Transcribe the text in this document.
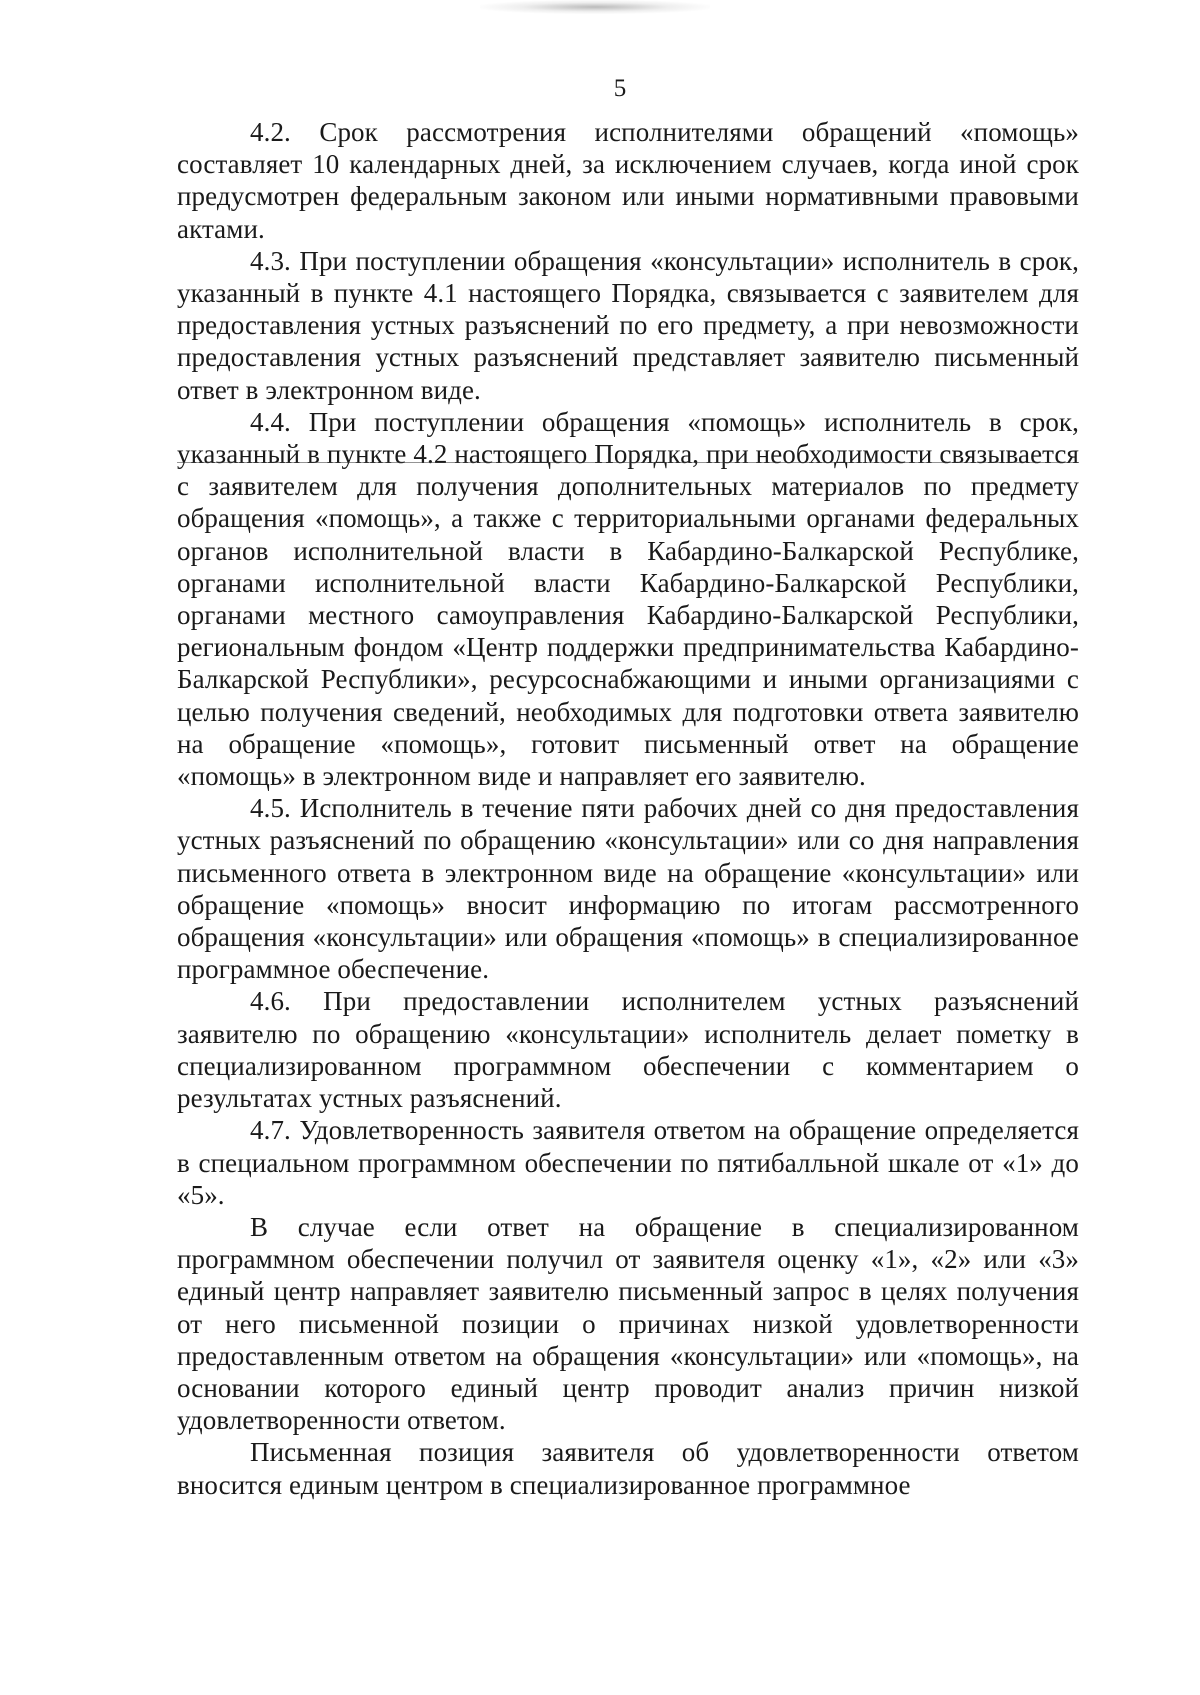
5

4.2. Срок рассмотрения исполнителями обращений «помощь» составляет 10 календарных дней, за исключением случаев, когда иной срок предусмотрен федеральным законом или иными нормативными правовыми актами.

4.3. При поступлении обращения «консультации» исполнитель в срок, указанный в пункте 4.1 настоящего Порядка, связывается с заявителем для предоставления устных разъяснений по его предмету, а при невозможности предоставления устных разъяснений представляет заявителю письменный ответ в электронном виде.

4.4. При поступлении обращения «помощь» исполнитель в срок, указанный в пункте 4.2 настоящего Порядка, при необходимости связывается с заявителем для получения дополнительных материалов по предмету обращения «помощь», а также с территориальными органами федеральных органов исполнительной власти в Кабардино-Балкарской Республике, органами исполнительной власти Кабардино-Балкарской Республики, органами местного самоуправления Кабардино-Балкарской Республики, региональным фондом «Центр поддержки предпринимательства Кабардино-Балкарской Республики», ресурсоснабжающими и иными организациями с целью получения сведений, необходимых для подготовки ответа заявителю на обращение «помощь», готовит письменный ответ на обращение «помощь» в электронном виде и направляет его заявителю.

4.5. Исполнитель в течение пяти рабочих дней со дня предоставления устных разъяснений по обращению «консультации» или со дня направления письменного ответа в электронном виде на обращение «консультации» или обращение «помощь» вносит информацию по итогам рассмотренного обращения «консультации» или обращения «помощь» в специализированное программное обеспечение.

4.6. При предоставлении исполнителем устных разъяснений заявителю по обращению «консультации» исполнитель делает пометку в специализированном программном обеспечении с комментарием о результатах устных разъяснений.

4.7. Удовлетворенность заявителя ответом на обращение определяется в специальном программном обеспечении по пятибалльной шкале от «1» до «5».

В случае если ответ на обращение в специализированном программном обеспечении получил от заявителя оценку «1», «2» или «3» единый центр направляет заявителю письменный запрос в целях получения от него письменной позиции о причинах низкой удовлетворенности предоставленным ответом на обращения «консультации» или «помощь», на основании которого единый центр проводит анализ причин низкой удовлетворенности ответом.

Письменная позиция заявителя об удовлетворенности ответом вносится единым центром в специализированное программное
